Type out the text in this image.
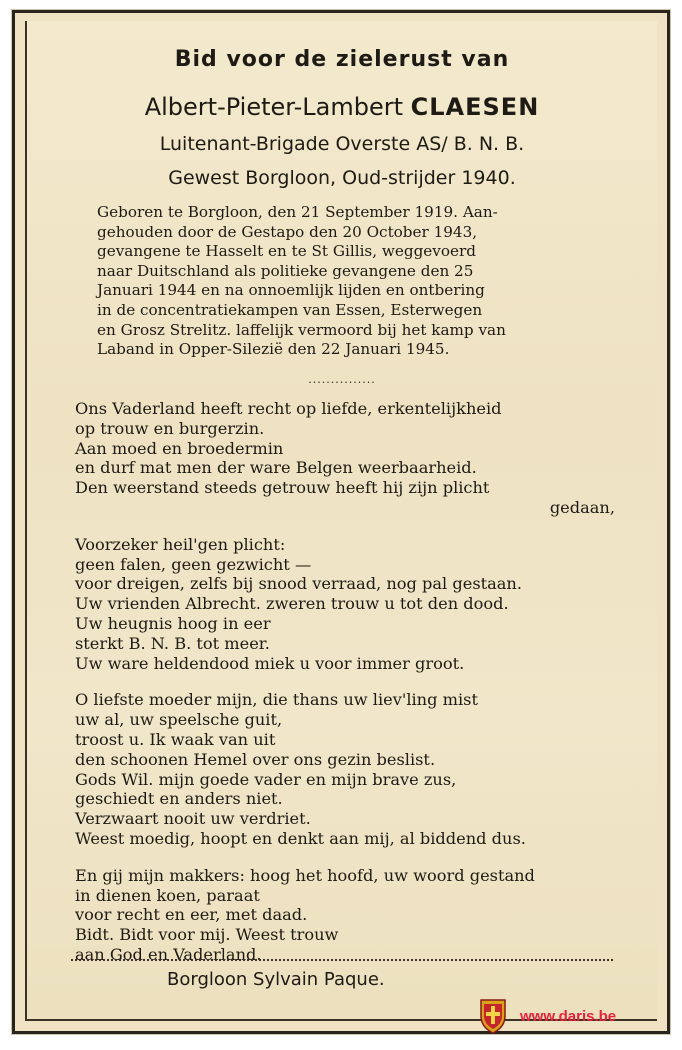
Bid voor de zielerust van
Albert-Pieter-Lambert CLAESEN
Luitenant-Brigade Overste AS/ B. N. B.
Gewest Borgloon, Oud-strijder 1940.
Geboren te Borgloon, den 21 September 1919. Aan-
gehouden door de Gestapo den 20 October 1943,
gevangene te Hasselt en te St Gillis, weggevoerd
naar Duitschland als politieke gevangene den 25
Januari 1944 en na onnoemlijk lijden en ontbering
in de concentratiekampen van Essen, Esterwegen
en Grosz Strelitz. laffelijk vermoord bij het kamp van
Laband in Opper-Silezië den 22 Januari 1945.
...............
Ons Vaderland heeft recht op liefde, erkentelijkheid
op trouw en burgerzin.
Aan moed en broedermin
en durf mat men der ware Belgen weerbaarheid.
Den weerstand steeds getrouw heeft hij zijn plicht
gedaan,
Voorzeker heil'gen plicht:
geen falen, geen gezwicht —
voor dreigen, zelfs bij snood verraad, nog pal gestaan.
Uw vrienden Albrecht. zweren trouw u tot den dood.
Uw heugnis hoog in eer
sterkt B. N. B. tot meer.
Uw ware heldendood miek u voor immer groot.
O liefste moeder mijn, die thans uw liev'ling mist
uw al, uw speelsche guit,
troost u. Ik waak van uit
den schoonen Hemel over ons gezin beslist.
Gods Wil. mijn goede vader en mijn brave zus,
geschiedt en anders niet.
Verzwaart nooit uw verdriet.
Weest moedig, hoopt en denkt aan mij, al biddend dus.
En gij mijn makkers: hoog het hoofd, uw woord gestand
in dienen koen, paraat
voor recht en eer, met daad.
Bidt. Bidt voor mij. Weest trouw
aan God en Vaderland.
Borgloon Sylvain Paque.
www.daris.be
